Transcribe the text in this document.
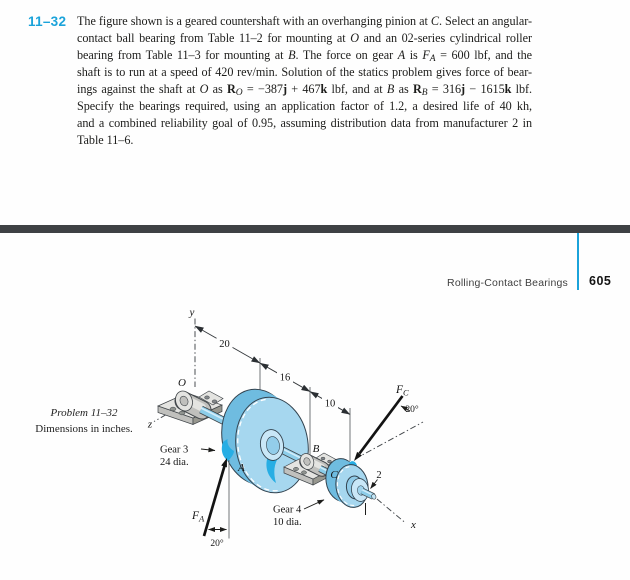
11–32 The figure shown is a geared countershaft with an overhanging pinion at C. Select an angular-
contact ball bearing from Table 11–2 for mounting at O and an 02-series cylindrical roller
bearing from Table 11–3 for mounting at B. The force on gear A is $F_A = 600$ lbf, and the
shaft is to run at a speed of 420 rev/min. Solution of the statics problem gives force of bear-
ings against the shaft at O as $R_O = -387j + 467k$ lbf, and at B as $R_B = 316j - 1615k$ lbf.
Specify the bearings required, using an application factor of 1.2, a desired life of 40 kh,
and a combined reliability goal of 0.95, assuming distribution data from manufacturer 2 in
Table 11–6.
Rolling-Contact Bearings 605
Problem 11–32
Dimensions in inches.
y
z
20
16
10
O
A
B
C
x
2
$F_A$
20°
$F_C$
20°
Gear 3
24 dia.
Gear 4
10 dia.
